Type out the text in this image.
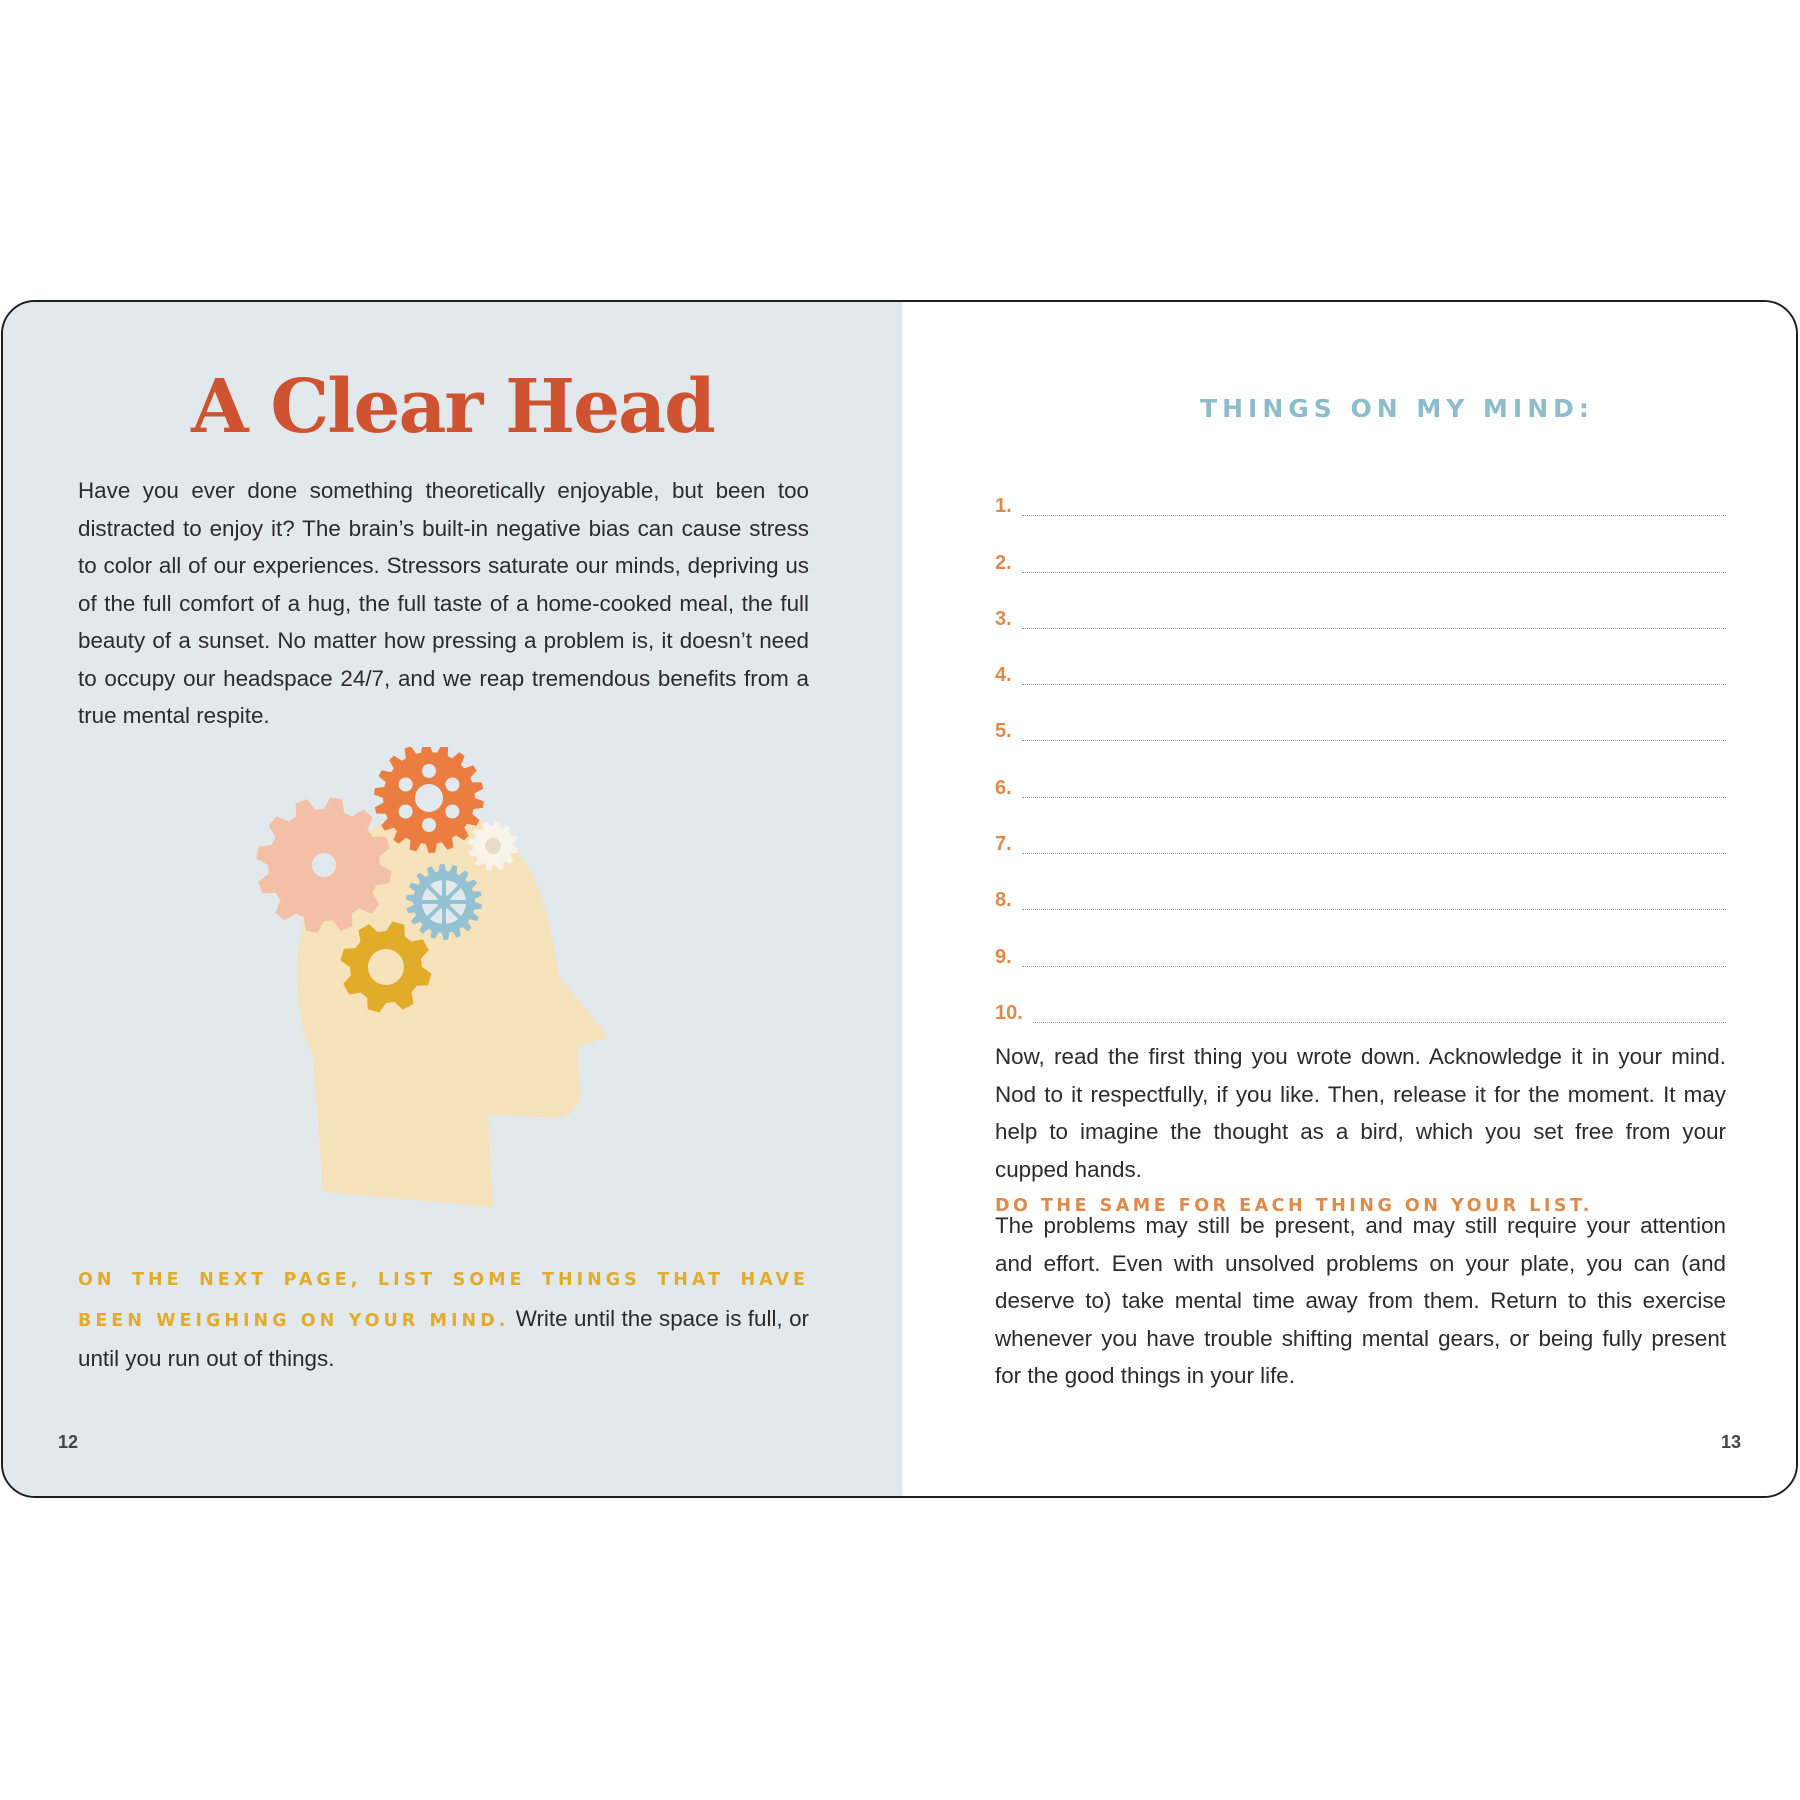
A Clear Head

Have you ever done something theoretically enjoyable, but been too distracted to enjoy it? The brain’s built-in negative bias can cause stress to color all of our experiences. Stressors saturate our minds, depriving us of the full comfort of a hug, the full taste of a home-cooked meal, the full beauty of a sunset. No matter how pressing a problem is, it doesn’t need to occupy our headspace 24/7, and we reap tremendous benefits from a true mental respite.

ON THE NEXT PAGE, LIST SOME THINGS THAT HAVE BEEN WEIGHING ON YOUR MIND. Write until the space is full, or until you run out of things.

12
THINGS ON MY MIND:
1.
2.
3.
4.
5.
6.
7.
8.
9.
10.

Now, read the first thing you wrote down. Acknowledge it in your mind. Nod to it respectfully, if you like. Then, release it for the moment. It may help to imagine the thought as a bird, which you set free from your cupped hands.
DO THE SAME FOR EACH THING ON YOUR LIST.

The problems may still be present, and may still require your attention and effort. Even with unsolved problems on your plate, you can (and deserve to) take mental time away from them. Return to this exercise whenever you have trouble shifting mental gears, or being fully present for the good things in your life.

13
